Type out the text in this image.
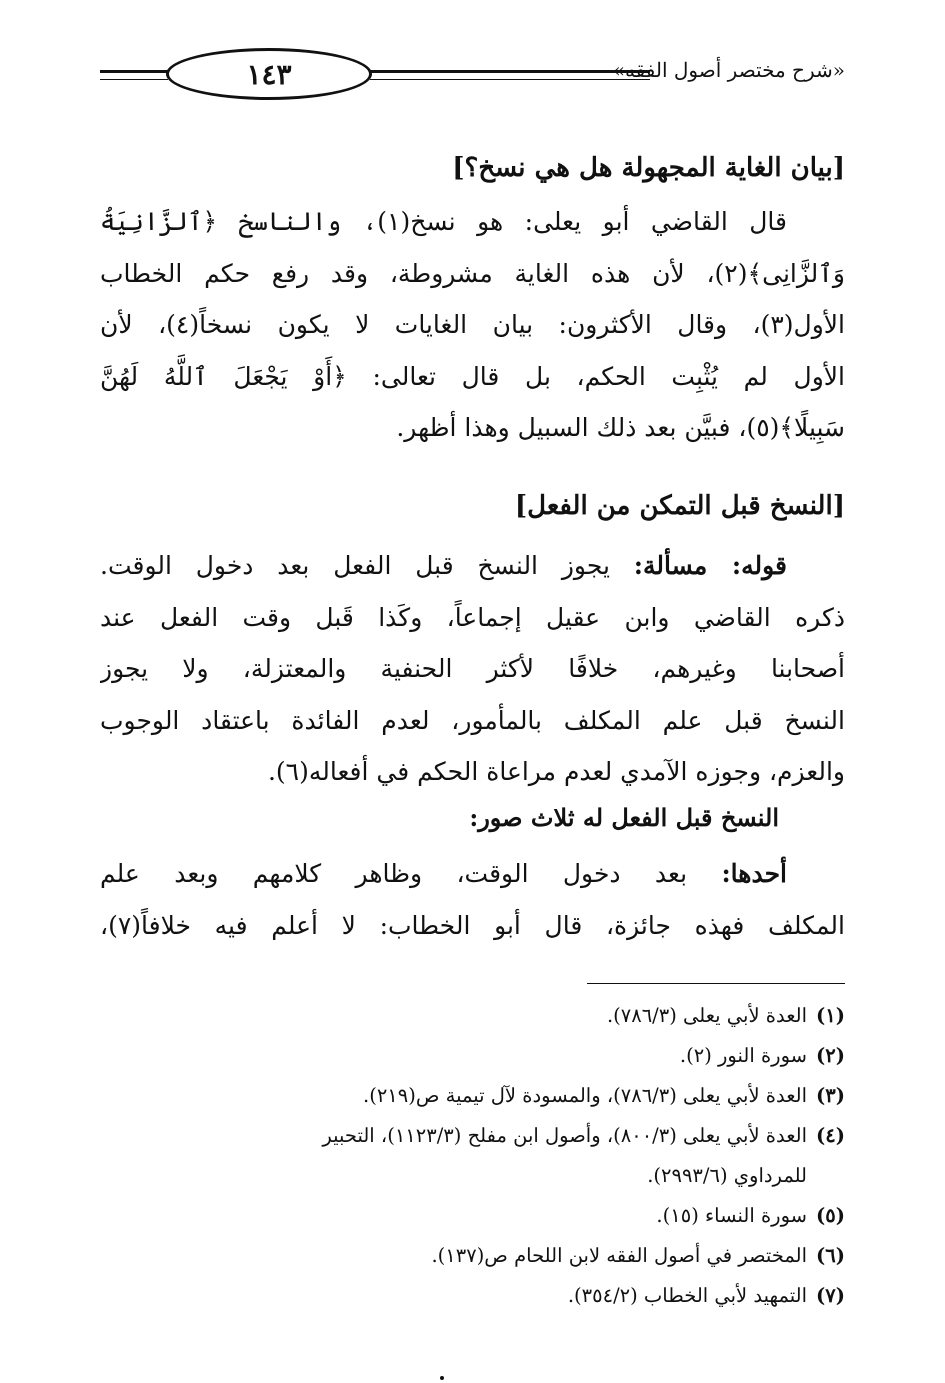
١٤٣	«شرح مختصر أصول الفقه»
[بيان الغاية المجهولة هل هي نسخ؟]
قال القاضي أبو يعلى: هو نسخ(١)، والناسخ ﴿ٱلزَّانِيَةُ
وَٱلزَّانِى﴾(٢)، لأن هذه الغاية مشروطة، وقد رفع حكم الخطاب
الأول(٣)، وقال الأكثرون: بيان الغايات لا يكون نسخاً(٤)، لأن
الأول لم يُثْبِت الحكم، بل قال تعالى: ﴿أَوْ يَجْعَلَ ٱللَّهُ لَهُنَّ
سَبِيلًا﴾(٥)، فبيَّن بعد ذلك السبيل وهذا أظهر.
[النسخ قبل التمكن من الفعل]
قوله: مسألة: يجوز النسخ قبل الفعل بعد دخول الوقت.
ذكره القاضي وابن عقيل إجماعاً، وكَذا قَبل وقت الفعل عند
أصحابنا وغيرهم، خلافًا لأكثر الحنفية والمعتزلة، ولا يجوز
النسخ قبل علم المكلف بالمأمور، لعدم الفائدة باعتقاد الوجوب
والعزم، وجوزه الآمدي لعدم مراعاة الحكم في أفعاله(٦).
النسخ قبل الفعل له ثلاث صور:
أحدها: بعد دخول الوقت، وظاهر كلامهم وبعد علم
المكلف فهذه جائزة، قال أبو الخطاب: لا أعلم فيه خلافاً(٧)،
(١)العدة لأبي يعلى (٧٨٦/٣).
(٢)سورة النور (٢).
(٣)العدة لأبي يعلى (٧٨٦/٣)، والمسودة لآل تيمية ص(٢١٩).
(٤)العدة لأبي يعلى (٨٠٠/٣)، وأصول ابن مفلح (١١٢٣/٣)، التحبير
للمرداوي (٢٩٩٣/٦).
(٥)سورة النساء (١٥).
(٦)المختصر في أصول الفقه لابن اللحام ص(١٣٧).
(٧)التمهيد لأبي الخطاب (٣٥٤/٢).
